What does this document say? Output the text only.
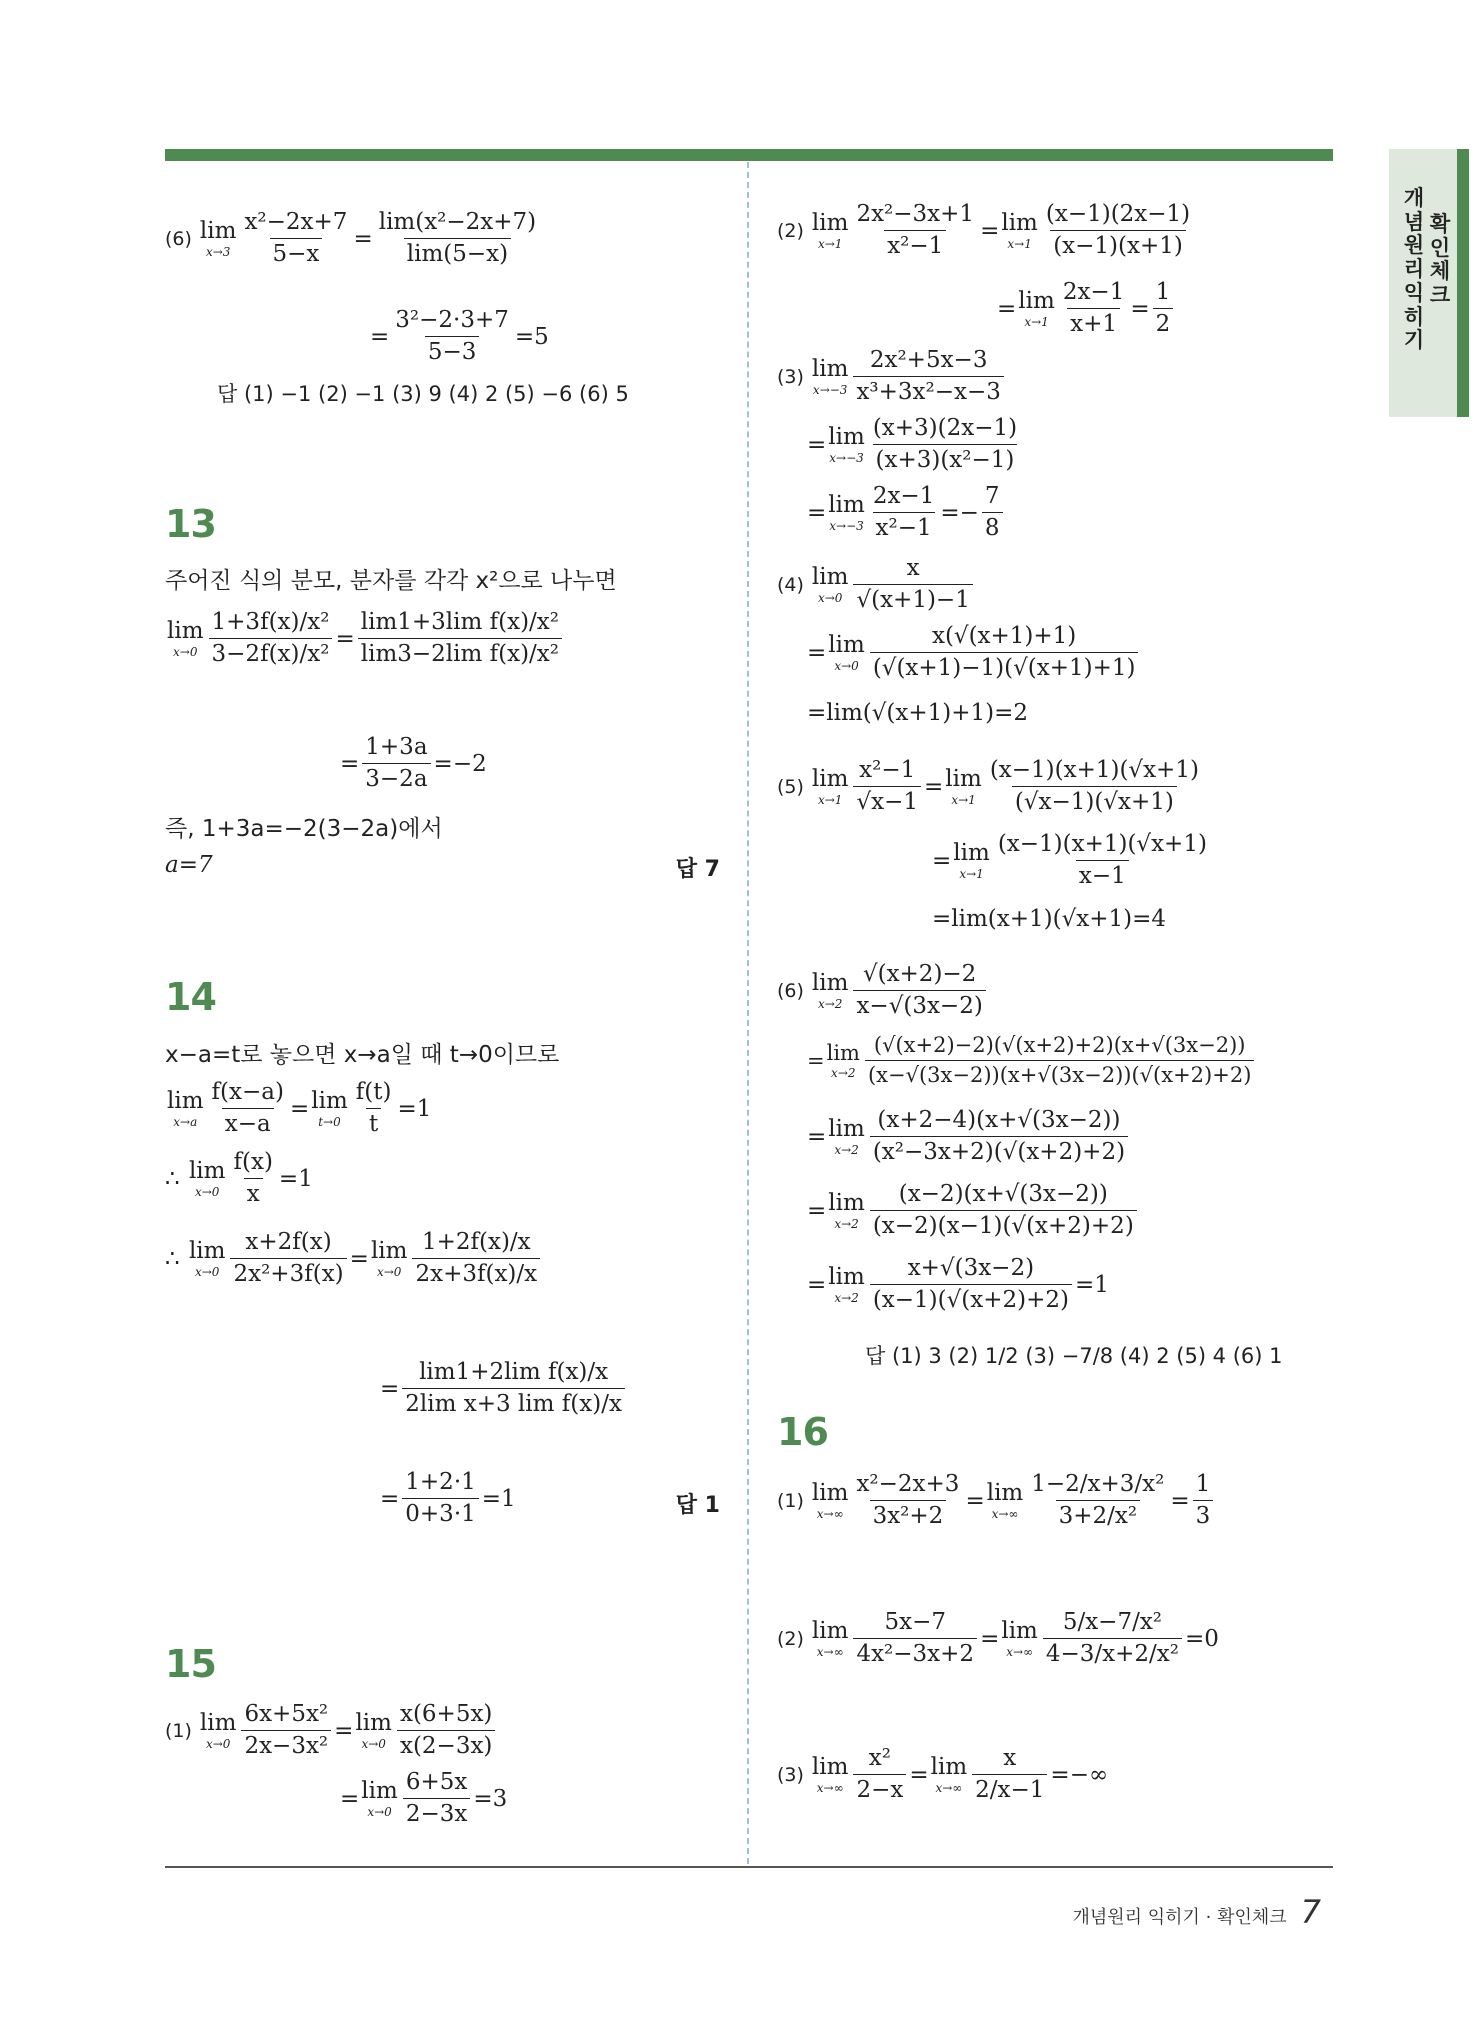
개념원리 익히기
확인체크
(6) lim
$x\to 3 \frac{\text{x²−2x+7}}{5-x} = \frac{\text{lim(x²−2x+7)}}{\lim(5-x)}$
= $\frac{\text{3²−2·3+7}}{5-3} =5$
답 (1) −1 (2) −1 (3) 9 (4) 2 (5) −6 (6) 5
13
주어진 식의 분모, 분자를 각각 x²으로 나누면
lim
$x\to 0 \frac{\text{1+3f(x)/x²}}{\text{3−2f(x)/x²}} = \frac{\text{lim1+3lim f(x)/x²}}{\text{lim3−2lim f(x)/x²}}$
= $\frac{1+3a}{3-2a} =-2$
즉, 1+3a=−2(3−2a)에서
a=7	답 7
14
x−a=t로 놓으면 x→a일 때 t→0이므로
lim
$x\to a \frac{f(x-a)}{x-a} = \lim$
$t\to 0 \frac{f(t)}{t} =1$
∴ lim
$x\to 0 \frac{f(x)}{x} =1$
∴ lim
$x\to 0 \frac{x+2f(x)}{\text{2x²+3f(x)}} = \lim$
$x\to 0 \frac{1+2f(x)/x}{2x+3f(x)/x}$
= $\frac{\text{lim1+2lim f(x)/x}}{\text{2lim x+3 lim f(x)/x}}$
= $\frac{1+2\cdot 1}{0+3\cdot 1} =1$	답 1
15
(1) lim
$x\to 0 \frac{\text{6x+5x²}}{\text{2x−3x²}} = \lim$
$x\to 0 \frac{x(6+5x)}{x(2-3x)}$
= lim
$x\to 0 \frac{6+5x}{2-3x} =3$
(2) lim
$x\to 1 \frac{\text{2x²−3x+1}}{\text{x²−1}} = \lim$
$x\to 1 \frac{(x-1)(2x-1)}{(x-1)(x+1)}$
= lim
$x\to 1 \frac{2x-1}{x+1} = \frac{1}{2}$
(3) lim
$x\to-3 \frac{\text{2x²+5x−3}}{\text{x³+3x²−x−3}}$
= lim
$x\to-3 \frac{(x+3)(2x-1)}{\text{(x+3)(x²−1)}}$
= lim
$x\to-3 \frac{2x-1}{\text{x²−1}} =- \frac{7}{8}$
(4) lim
$x\to 0 \frac{x}{√(x+1)-1}$
= lim
$x\to 0 \frac{x(√(x+1)+1)}{(√(x+1)-1)(√(x+1)+1)}$
= lim(√(x+1)+1)=2
(5) lim
$x\to 1 \frac{\text{x²−1}}{√x-1} = \lim$
$x\to 1 \frac{(x-1)(x+1)(√x+1)}{(√x-1)(√x+1)}$
= lim
$x\to 1 \frac{(x-1)(x+1)(√x+1)}{x-1}$
= lim(x+1)(√x+1)=4
(6) lim
$x\to 2 \frac{√(x+2)-2}{x-√(3x-2)}$
= lim
$x\to 2 \frac{(√(x+2)-2)(√(x+2)+2)(x+√(3x-2))}{(x-√(3x-2))(x+√(3x-2))(√(x+2)+2)}$
= lim
$x\to 2 \frac{(x+2-4)(x+√(3x-2))}{\text{(x²−3x+2)(√(x+2)+2)}}$
= lim
$x\to 2 \frac{(x-2)(x+√(3x-2))}{(x-2)(x-1)(√(x+2)+2)}$
= lim
$x\to 2 \frac{x+√(3x-2)}{(x-1)(√(x+2)+2)} =1$
답 (1) 3 (2) 1/2 (3) −7/8 (4) 2 (5) 4 (6) 1
16
(1) lim
$x\to\infty \frac{\text{x²−2x+3}}{\text{3x²+2}} = \lim$
$x\to\infty \frac{\text{1−2/x+3/x²}}{\text{3+2/x²}} = \frac{1}{3}$
(2) lim
$x\to\infty \frac{5x-7}{\text{4x²−3x+2}} = \lim$
$x\to\infty \frac{\text{5/x−7/x²}}{\text{4−3/x+2/x²}} =0$
(3) lim
$x\to\infty \frac{\text{x²}}{2-x} = \lim$
$x\to\infty \frac{x}{2/x-1}$ =−∞
개념원리 익히기 · 확인체크 7
